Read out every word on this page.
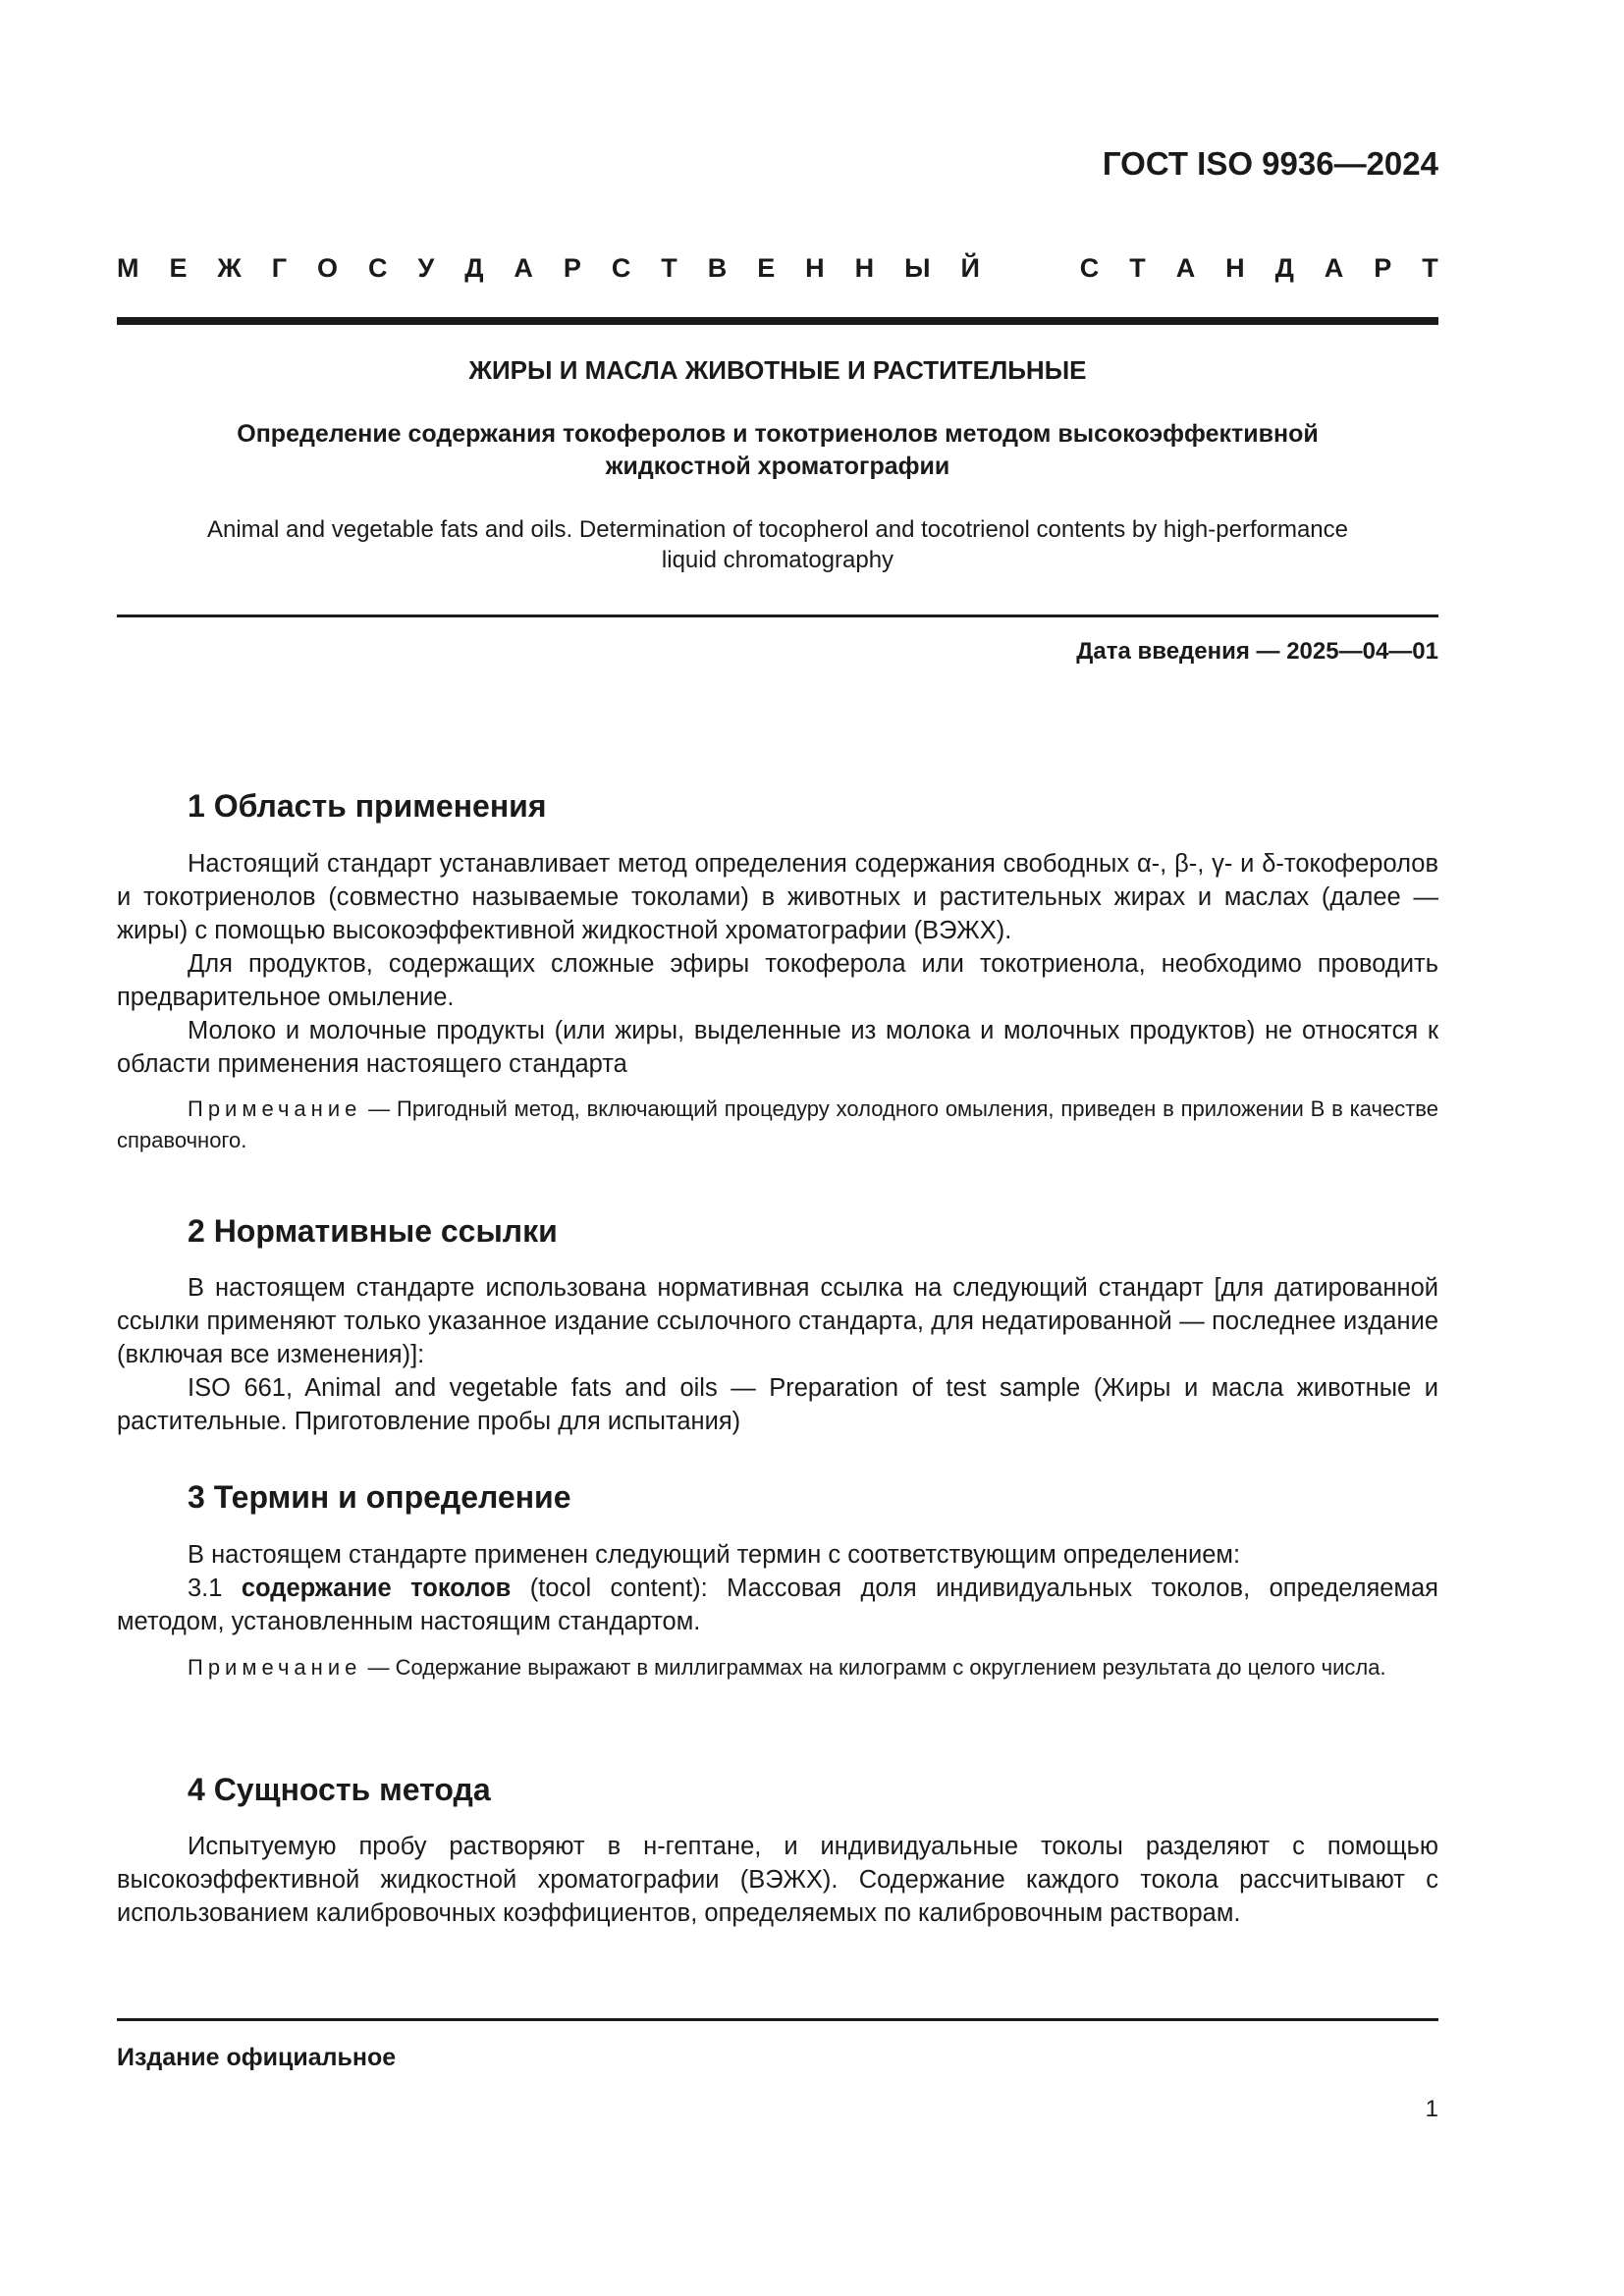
ГОСТ ISO 9936—2024
М Е Ж Г О С У Д А Р С Т В Е Н Н Ы Й	С Т А Н Д А Р Т
ЖИРЫ И МАСЛА ЖИВОТНЫЕ И РАСТИТЕЛЬНЫЕ
Определение содержания токоферолов и токотриенолов методом высокоэффективной
жидкостной хроматографии
Animal and vegetable fats and oils. Determination of tocopherol and tocotrienol contents by high-performance
liquid chromatography
Дата введения — 2025—04—01
1 Область применения

Настоящий стандарт устанавливает метод определения содержания свободных α-, β-, γ- и δ-токоферолов и токотриенолов (совместно называемые токолами) в животных и растительных жирах и маслах (далее — жиры) с помощью высокоэффективной жидкостной хроматографии (ВЭЖХ).

Для продуктов, содержащих сложные эфиры токоферола или токотриенола, необходимо проводить предварительное омыление.

Молоко и молочные продукты (или жиры, выделенные из молока и молочных продуктов) не относятся к области применения настоящего стандарта

Примечание — Пригодный метод, включающий процедуру холодного омыления, приведен в приложении В в качестве справочного.

2 Нормативные ссылки

В настоящем стандарте использована нормативная ссылка на следующий стандарт [для датированной ссылки применяют только указанное издание ссылочного стандарта, для недатированной — последнее издание (включая все изменения)]:

ISO 661, Animal and vegetable fats and oils — Preparation of test sample (Жиры и масла животные и растительные. Приготовление пробы для испытания)

3 Термин и определение

В настоящем стандарте применен следующий термин с соответствующим определением:

3.1 содержание токолов (tocol content): Массовая доля индивидуальных токолов, определяемая методом, установленным настоящим стандартом.

Примечание — Содержание выражают в миллиграммах на килограмм с округлением результата до целого числа.

4 Сущность метода

Испытуемую пробу растворяют в н-гептане, и индивидуальные токолы разделяют с помощью высокоэффективной жидкостной хроматографии (ВЭЖХ). Содержание каждого токола рассчитывают с использованием калибровочных коэффициентов, определяемых по калибровочным растворам.

Издание официальное
1
